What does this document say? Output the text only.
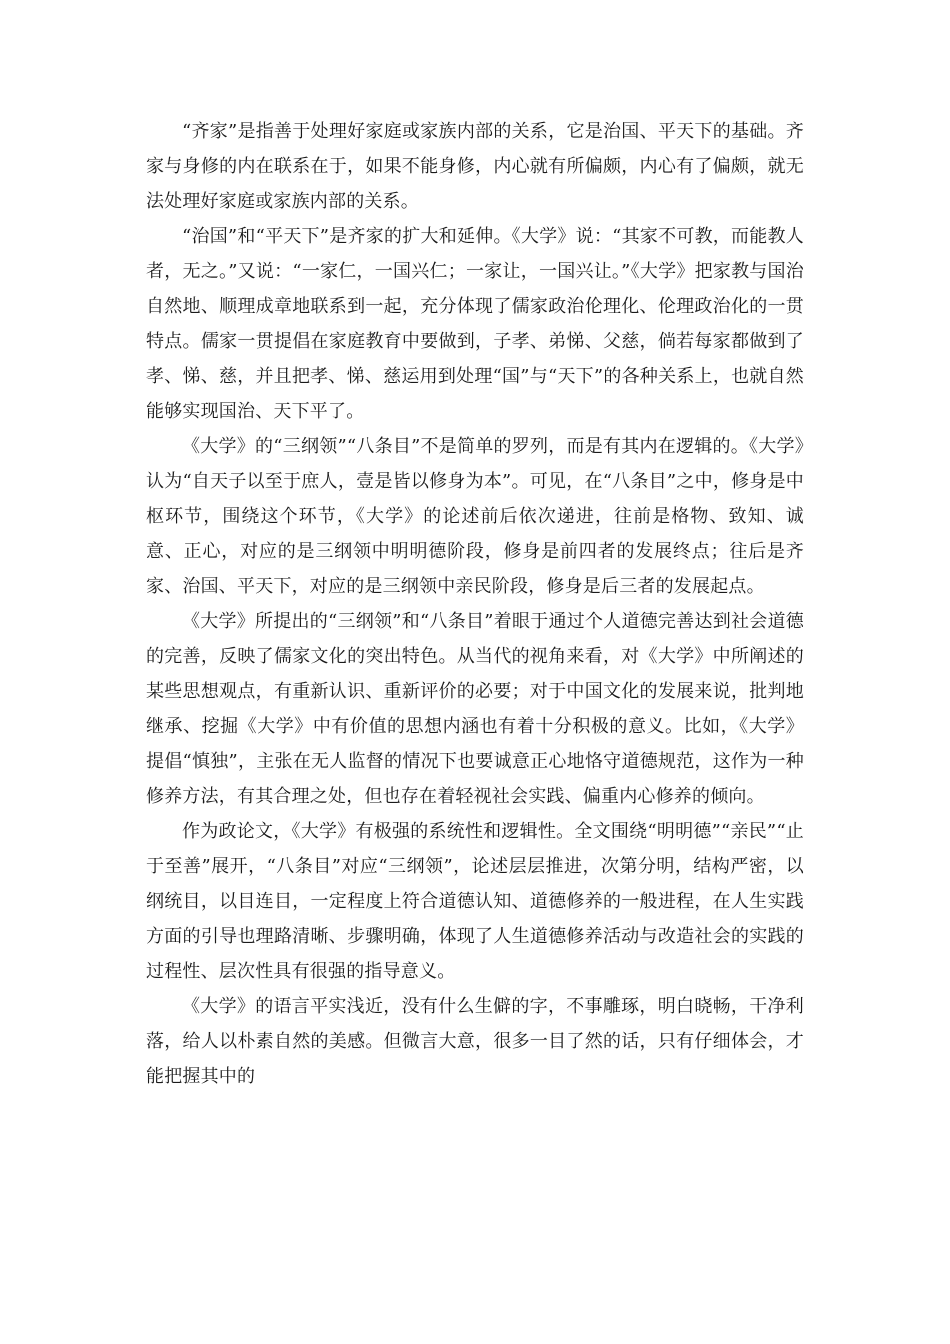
“齐家”是指善于处理好家庭或家族内部的关系，它是治国、平天下的基础。齐家与身修的内在联系在于，如果不能身修，内心就有所偏颇，内心有了偏颇，就无法处理好家庭或家族内部的关系。

“治国”和“平天下”是齐家的扩大和延伸。《大学》说：“其家不可教，而能教人者，无之。”又说：“一家仁，一国兴仁；一家让，一国兴让。”《大学》把家教与国治自然地、顺理成章地联系到一起，充分体现了儒家政治伦理化、伦理政治化的一贯特点。儒家一贯提倡在家庭教育中要做到，子孝、弟悌、父慈，倘若每家都做到了孝、悌、慈，并且把孝、悌、慈运用到处理“国”与“天下”的各种关系上，也就自然能够实现国治、天下平了。

《大学》的“三纲领”“八条目”不是简单的罗列，而是有其内在逻辑的。《大学》认为“自天子以至于庶人，壹是皆以修身为本”。可见，在“八条目”之中，修身是中枢环节，围绕这个环节，《大学》的论述前后依次递进，往前是格物、致知、诚意、正心，对应的是三纲领中明明德阶段，修身是前四者的发展终点；往后是齐家、治国、平天下，对应的是三纲领中亲民阶段，修身是后三者的发展起点。

《大学》所提出的“三纲领”和“八条目”着眼于通过个人道德完善达到社会道德的完善，反映了儒家文化的突出特色。从当代的视角来看，对《大学》中所阐述的某些思想观点，有重新认识、重新评价的必要；对于中国文化的发展来说，批判地继承、挖掘《大学》中有价值的思想内涵也有着十分积极的意义。比如，《大学》提倡“慎独”，主张在无人监督的情况下也要诚意正心地恪守道德规范，这作为一种修养方法，有其合理之处，但也存在着轻视社会实践、偏重内心修养的倾向。

作为政论文，《大学》有极强的系统性和逻辑性。全文围绕“明明德”“亲民”“止于至善”展开，“八条目”对应“三纲领”，论述层层推进，次第分明，结构严密，以纲统目，以目连目，一定程度上符合道德认知、道德修养的一般进程，在人生实践方面的引导也理路清晰、步骤明确，体现了人生道德修养活动与改造社会的实践的过程性、层次性具有很强的指导意义。

《大学》的语言平实浅近，没有什么生僻的字，不事雕琢，明白晓畅，干净利落，给人以朴素自然的美感。但微言大意，很多一目了然的话，只有仔细体会，才能把握其中的
